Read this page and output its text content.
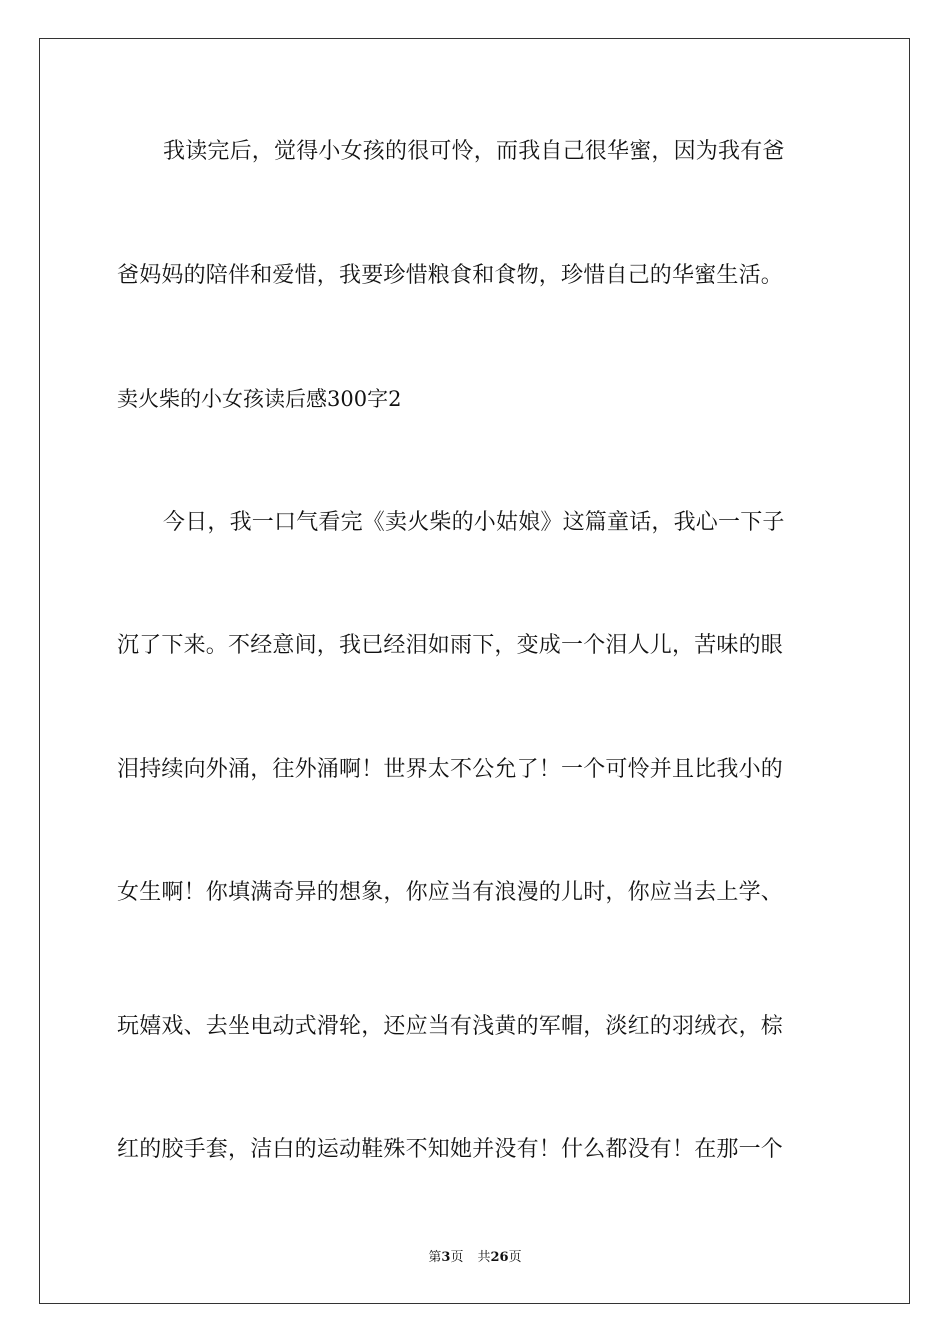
我读完后，觉得小女孩的很可怜，而我自己很华蜜，因为我有爸
爸妈妈的陪伴和爱惜，我要珍惜粮食和食物，珍惜自己的华蜜生活。
卖火柴的小女孩读后感300字2
今日，我一口气看完《卖火柴的小姑娘》这篇童话，我心一下子
沉了下来。不经意间，我已经泪如雨下，变成一个泪人儿，苦味的眼
泪持续向外涌，往外涌啊！世界太不公允了！一个可怜并且比我小的
女生啊！你填满奇异的想象，你应当有浪漫的儿时，你应当去上学、
玩嬉戏、去坐电动式滑轮，还应当有浅黄的军帽，淡红的羽绒衣，棕
红的胶手套，洁白的运动鞋殊不知她并没有！什么都没有！在那一个
第3页 共26页
